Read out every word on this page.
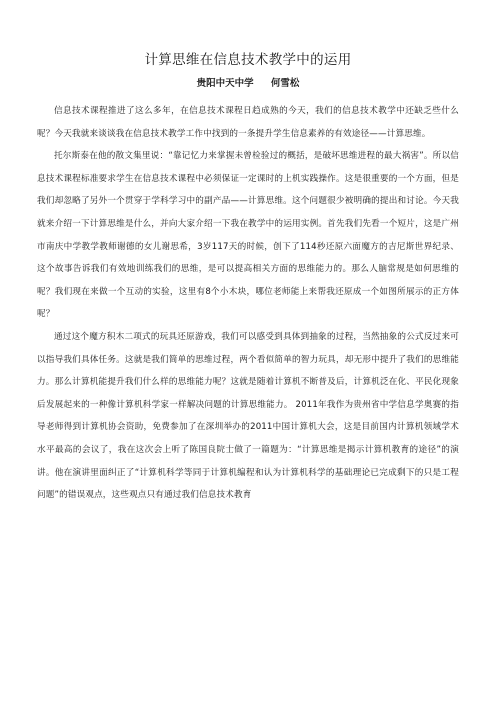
计算思维在信息技术教学中的运用
贵阳中天中学 何雪松

信息技术课程推进了这么多年，在信息技术课程日趋成熟的今天，我们的信息技术教学中还缺乏些什么呢？今天我就来谈谈我在信息技术教学工作中找到的一条提升学生信息素养的有效途径——计算思维。

托尔斯泰在他的散文集里说：“靠记忆力来掌握未曾检验过的概括，是破坏思维进程的最大祸害”。所以信息技术课程标准要求学生在信息技术课程中必须保证一定课时的上机实践操作。这是很重要的一个方面，但是我们却忽略了另外一个贯穿于学科学习中的副产品——计算思维。这个问题很少被明确的提出和讨论。今天我就来介绍一下计算思维是什么，并向大家介绍一下我在教学中的运用实例。首先我们先看一个短片，这是广州市南庆中学教学教师谢德的女儿谢思希，3岁117天的时候，创下了114秒还原六面魔方的吉尼斯世界纪录、这个故事告诉我们有效地训练我们的思维，是可以提高相关方面的思维能力的。那么人脑常规是如何思维的呢？我们现在来做一个互动的实验，这里有8个小木块，哪位老师能上来帮我还原成一个如图所展示的正方体呢？

通过这个魔方积木二项式的玩具还原游戏，我们可以感受到具体到抽象的过程，当然抽象的公式反过来可以指导我们具体任务。这就是我们简单的思维过程，两个看似简单的智力玩具，却无形中提升了我们的思维能力。那么计算机能提升我们什么样的思维能力呢？这就是随着计算机不断普及后，计算机泛在化、平民化现象后发展起来的一种像计算机科学家一样解决问题的计算思维能力。 2011年我作为贵州省中学信息学奥赛的指导老师得到计算机协会资助，免费参加了在深圳举办的2011中国计算机大会，这是目前国内计算机领域学术水平最高的会议了，我在这次会上听了陈国良院士做了一篇题为：“计算思维是揭示计算机教育的途径”的演讲。他在演讲里面纠正了“计算机科学等同于计算机编程和认为计算机科学的基础理论已完成剩下的只是工程问题”的错误观点，这些观点只有通过我们信息技术教育
